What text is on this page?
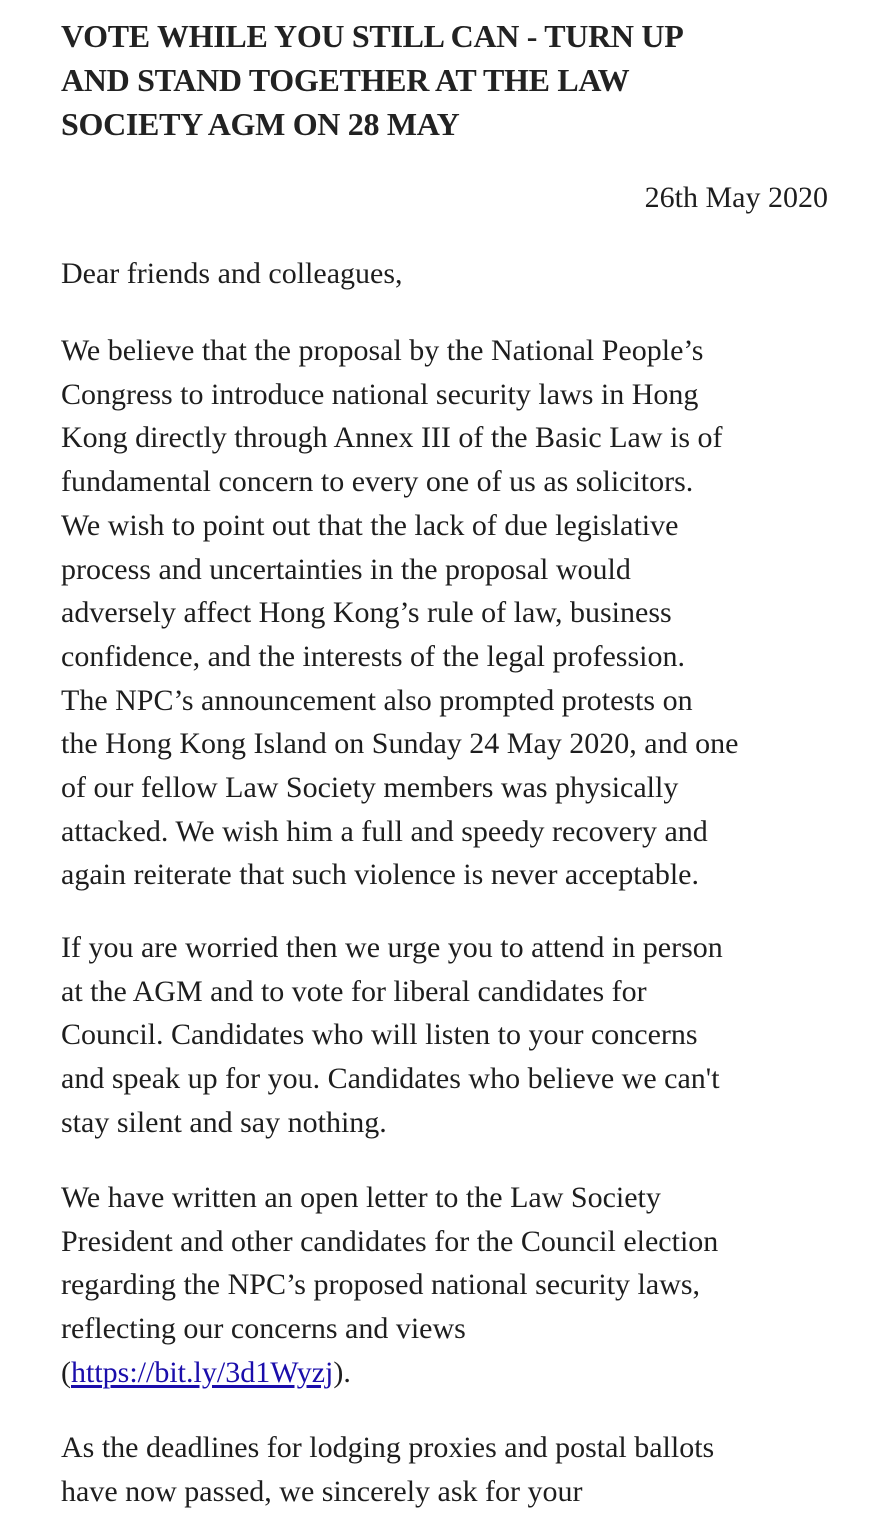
VOTE WHILE YOU STILL CAN - TURN UP
AND STAND TOGETHER AT THE LAW
SOCIETY AGM ON 28 MAY

26th May 2020

Dear friends and colleagues,

We believe that the proposal by the National People’s
Congress to introduce national security laws in Hong
Kong directly through Annex III of the Basic Law is of
fundamental concern to every one of us as solicitors.
We wish to point out that the lack of due legislative
process and uncertainties in the proposal would
adversely affect Hong Kong’s rule of law, business
confidence, and the interests of the legal profession.
The NPC’s announcement also prompted protests on
the Hong Kong Island on Sunday 24 May 2020, and one
of our fellow Law Society members was physically
attacked. We wish him a full and speedy recovery and
again reiterate that such violence is never acceptable.

If you are worried then we urge you to attend in person
at the AGM and to vote for liberal candidates for
Council. Candidates who will listen to your concerns
and speak up for you. Candidates who believe we can't
stay silent and say nothing.

We have written an open letter to the Law Society
President and other candidates for the Council election
regarding the NPC’s proposed national security laws,
reflecting our concerns and views
(https://bit.ly/3d1Wyzj).

As the deadlines for lodging proxies and postal ballots
have now passed, we sincerely ask for your
